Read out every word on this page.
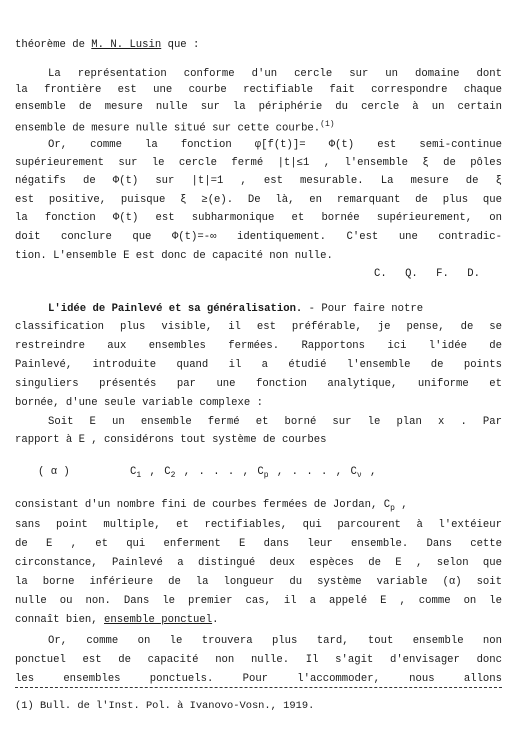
théorème de M. N. Lusin que :
La représentation conforme d'un cercle sur un domaine dont
la frontière est une courbe rectifiable fait correspondre chaque
ensemble de mesure nulle sur la périphérie du cercle à un certain
ensemble de mesure nulle situé sur cette courbe.$^{(1)}$
Or, comme la fonction φ[f(t)]= Φ(t) est semi-continue
supérieurement sur le cercle fermé |t|≤1 , l'ensemble ξ de pôles
négatifs de Φ(t) sur |t|=1 , est mesurable. La mesure de ξ
est positive, puisque ξ ≥(e). De là, en remarquant de plus que
la fonction Φ(t) est subharmonique et bornée supérieurement, on
doit conclure que Φ(t)=-∞ identiquement. C'est une contradic-
tion. L'ensemble E est donc de capacité non nulle.
C. Q. F. D.
L'idée de Painlevé et sa généralisation. - Pour faire notre
classification plus visible, il est préférable, je pense, de se
restreindre aux ensembles fermées. Rapportons ici l'idée de
Painlevé, introduite quand il a étudié l'ensemble de points
singuliers présentés par une fonction analytique, uniforme et
bornée, d'une seule variable complexe :
Soit E un ensemble fermé et borné sur le plan x . Par
rapport à E , considérons tout système de courbes
( α )	$C_1$ , $C_2$ , . . . , $C_p$ , . . . , $C_\nu$ ,
consistant d'un nombre fini de courbes fermées de Jordan, $C_p$ ,
sans point multiple, et rectifiables, qui parcourent à l'extéieur
de E , et qui enferment E dans leur ensemble. Dans cette
circonstance, Painlevé a distingué deux espèces de E , selon que
la borne inférieure de la longueur du système variable (α) soit
nulle ou non. Dans le premier cas, il a appelé E , comme on le
connaît bien, ensemble ponctuel.
Or, comme on le trouvera plus tard, tout ensemble non
ponctuel est de capacité non nulle. Il s'agit d'envisager donc
les ensembles ponctuels. Pour l'accommoder, nous allons
(1) Bull. de l'Inst. Pol. à Ivanovo-Vosn., 1919.
